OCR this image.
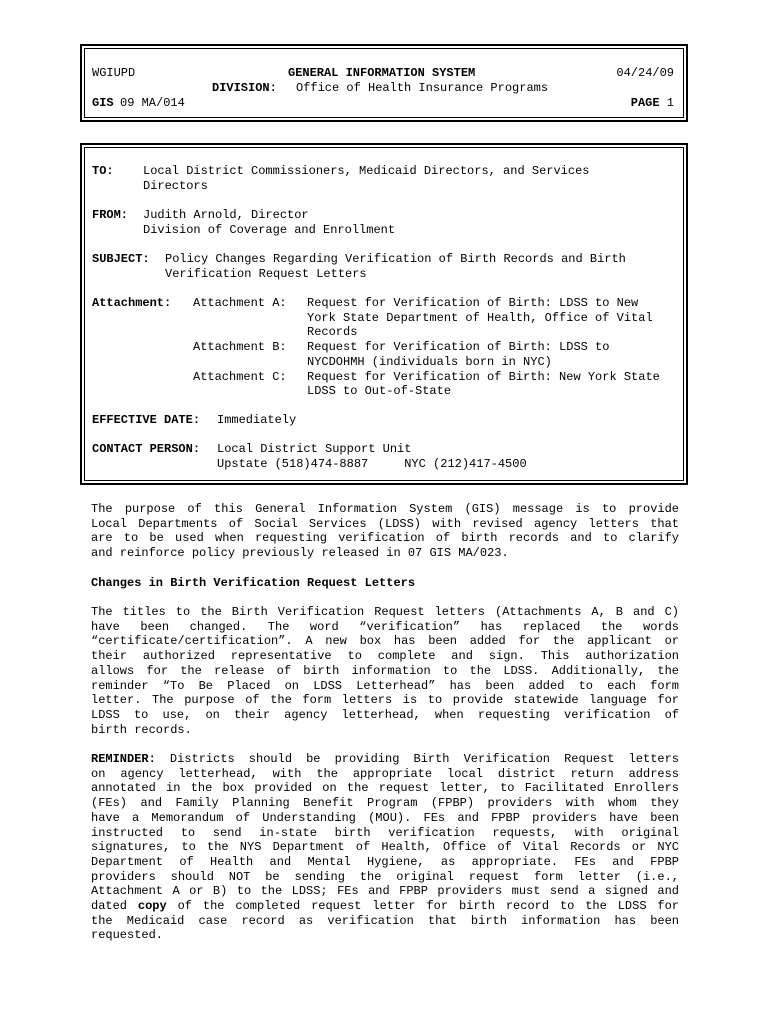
WGIUPD	GENERAL INFORMATION SYSTEM	04/24/09
DIVISION: Office of Health Insurance Programs
GIS 09 MA/014	PAGE 1
TO: Local District Commissioners, Medicaid Directors, and Services
Directors
FROM: Judith Arnold, Director
Division of Coverage and Enrollment
SUBJECT: Policy Changes Regarding Verification of Birth Records and Birth
Verification Request Letters
Attachment: Attachment A: Request for Verification of Birth: LDSS to New
York State Department of Health, Office of Vital
Records
Attachment B: Request for Verification of Birth: LDSS to
NYCDOHMH (individuals born in NYC)
Attachment C: Request for Verification of Birth: New York State
LDSS to Out-of-State
EFFECTIVE DATE: Immediately
CONTACT PERSON: Local District Support Unit
Upstate (518)474-8887     NYC (212)417-4500
The purpose of this General Information System (GIS) message is to provide
Local Departments of Social Services (LDSS) with revised agency letters that
are to be used when requesting verification of birth records and to clarify
and reinforce policy previously released in 07 GIS MA/023.
Changes in Birth Verification Request Letters
The titles to the Birth Verification Request letters (Attachments A, B and C)
have been changed. The word “verification” has replaced the words
“certificate/certification”. A new box has been added for the applicant or
their authorized representative to complete and sign. This authorization
allows for the release of birth information to the LDSS. Additionally, the
reminder “To Be Placed on LDSS Letterhead” has been added to each form
letter. The purpose of the form letters is to provide statewide language for
LDSS to use, on their agency letterhead, when requesting verification of
birth records.
REMINDER: Districts should be providing Birth Verification Request letters
on agency letterhead, with the appropriate local district return address
annotated in the box provided on the request letter, to Facilitated Enrollers
(FEs) and Family Planning Benefit Program (FPBP) providers with whom they
have a Memorandum of Understanding (MOU). FEs and FPBP providers have been
instructed to send in-state birth verification requests, with original
signatures, to the NYS Department of Health, Office of Vital Records or NYC
Department of Health and Mental Hygiene, as appropriate. FEs and FPBP
providers should NOT be sending the original request form letter (i.e.,
Attachment A or B) to the LDSS; FEs and FPBP providers must send a signed and
dated copy of the completed request letter for birth record to the LDSS for
the Medicaid case record as verification that birth information has been
requested.
